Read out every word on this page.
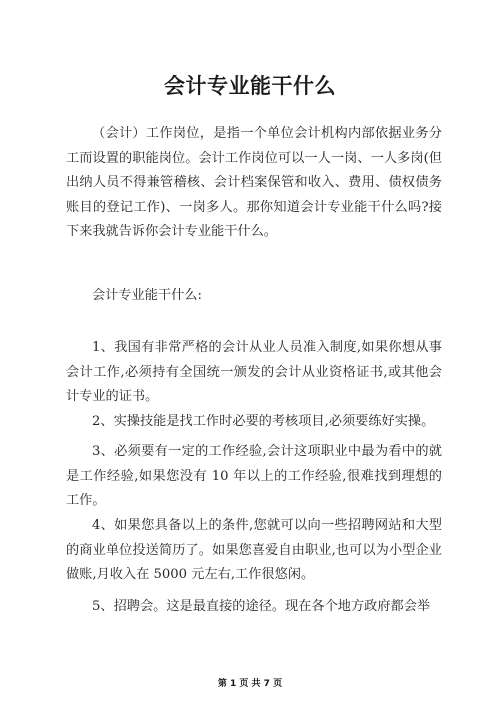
会计专业能干什么

（会计）工作岗位，是指一个单位会计机构内部依据业务分工而设置的职能岗位。会计工作岗位可以一人一岗、一人多岗(但出纳人员不得兼管稽核、会计档案保管和收入、费用、债权债务账目的登记工作)、一岗多人。那你知道会计专业能干什么吗?接下来我就告诉你会计专业能干什么。

会计专业能干什么:

1、我国有非常严格的会计从业人员准入制度,如果你想从事会计工作,必须持有全国统一颁发的会计从业资格证书,或其他会计专业的证书。

2、实操技能是找工作时必要的考核项目,必须要练好实操。

3、必须要有一定的工作经验,会计这项职业中最为看中的就是工作经验,如果您没有 10 年以上的工作经验,很难找到理想的工作。

4、如果您具备以上的条件,您就可以向一些招聘网站和大型的商业单位投送简历了。如果您喜爱自由职业,也可以为小型企业做账,月收入在 5000 元左右,工作很悠闲。

5、招聘会。这是最直接的途径。现在各个地方政府都会举

第 1 页 共 7 页
